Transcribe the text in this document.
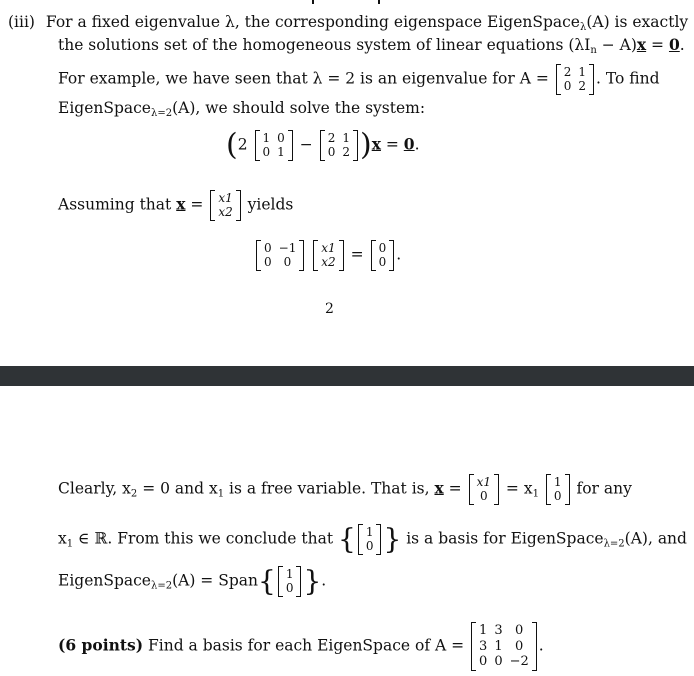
(iii) For a fixed eigenvalue λ, the corresponding eigenspace EigenSpace$_\lambda$(A) is exactly
the solutions set of the homogeneous system of linear equations $(\lambda I_n - A)x = 0$.
For example, we have seen that λ = 2 is an eigenvalue for A = 2 1
0 2 . To find
EigenSpace$_{\lambda=2}$(A), we should solve the system:
(2 1 0
0 1 − 2 1
0 2 )x = 0.
Assuming that x = x1
x2 yields
0 −1
0	0

x1
x2 = 0
0 .
2
Clearly, $x_2 = 0$ and $x_1$ is a free variable. That is, x = x1
$0 = x_1$
1
0 for any
$x_1$ ∈ ℝ. From this we conclude that { 1
0 } is a basis for EigenSpace$_{\lambda=2}$(A), and
EigenSpace$_{\lambda=2}$(A) = Span{ 1
0 }.
(6 points) Find a basis for each EigenSpace of A =
1 3 0
3 1 0
0 0 −2
.
